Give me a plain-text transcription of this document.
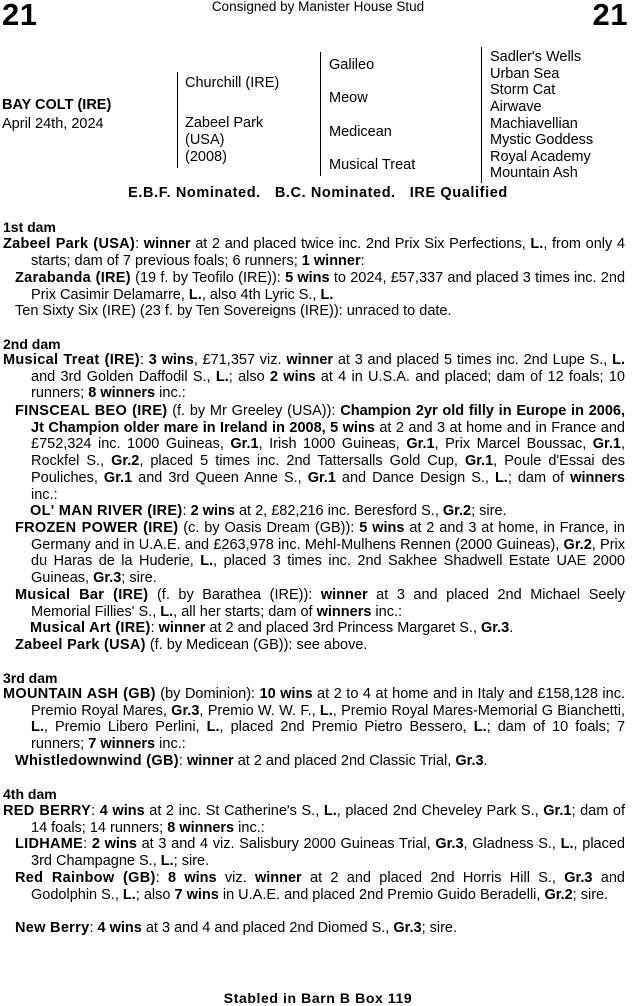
21	Consigned by Manister House Stud	21
BAY COLT (IRE)
April 24th, 2024
Churchill (IRE)
Zabeel Park
(USA)
(2008)
Galileo
Meow
Medicean
Musical Treat
Sadler's Wells
Urban Sea
Storm Cat
Airwave
Machiavellian
Mystic Goddess
Royal Academy
Mountain Ash
E.B.F. Nominated. B.C. Nominated. IRE Qualified
1st dam
Zabeel Park (USA): winner at 2 and placed twice inc. 2nd Prix Six Perfections, L., from only 4 starts; dam of 7 previous foals; 6 runners; 1 winner:
Zarabanda (IRE) (19 f. by Teofilo (IRE)): 5 wins to 2024, £57,337 and placed 3 times inc. 2nd Prix Casimir Delamarre, L., also 4th Lyric S., L.
Ten Sixty Six (IRE) (23 f. by Ten Sovereigns (IRE)): unraced to date.
2nd dam
Musical Treat (IRE): 3 wins, £71,357 viz. winner at 3 and placed 5 times inc. 2nd Lupe S., L. and 3rd Golden Daffodil S., L.; also 2 wins at 4 in U.S.A. and placed; dam of 12 foals; 10 runners; 8 winners inc.:
FINSCEAL BEO (IRE) (f. by Mr Greeley (USA)): Champion 2yr old filly in Europe in 2006, Jt Champion older mare in Ireland in 2008, 5 wins at 2 and 3 at home and in France and £752,324 inc. 1000 Guineas, Gr.1, Irish 1000 Guineas, Gr.1, Prix Marcel Boussac, Gr.1, Rockfel S., Gr.2, placed 5 times inc. 2nd Tattersalls Gold Cup, Gr.1, Poule d'Essai des Pouliches, Gr.1 and 3rd Queen Anne S., Gr.1 and Dance Design S., L.; dam of winners inc.:
OL' MAN RIVER (IRE): 2 wins at 2, £82,216 inc. Beresford S., Gr.2; sire.
FROZEN POWER (IRE) (c. by Oasis Dream (GB)): 5 wins at 2 and 3 at home, in France, in Germany and in U.A.E. and £263,978 inc. Mehl-Mulhens Rennen (2000 Guineas), Gr.2, Prix du Haras de la Huderie, L., placed 3 times inc. 2nd Sakhee Shadwell Estate UAE 2000 Guineas, Gr.3; sire.
Musical Bar (IRE) (f. by Barathea (IRE)): winner at 3 and placed 2nd Michael Seely Memorial Fillies' S., L., all her starts; dam of winners inc.:
Musical Art (IRE): winner at 2 and placed 3rd Princess Margaret S., Gr.3.
Zabeel Park (USA) (f. by Medicean (GB)): see above.
3rd dam
MOUNTAIN ASH (GB) (by Dominion): 10 wins at 2 to 4 at home and in Italy and £158,128 inc. Premio Royal Mares, Gr.3, Premio W. W. F., L., Premio Royal Mares-Memorial G Bianchetti, L., Premio Libero Perlini, L., placed 2nd Premio Pietro Bessero, L.; dam of 10 foals; 7 runners; 7 winners inc.:
Whistledownwind (GB): winner at 2 and placed 2nd Classic Trial, Gr.3.
4th dam
RED BERRY: 4 wins at 2 inc. St Catherine's S., L., placed 2nd Cheveley Park S., Gr.1; dam of 14 foals; 14 runners; 8 winners inc.:
LIDHAME: 2 wins at 3 and 4 viz. Salisbury 2000 Guineas Trial, Gr.3, Gladness S., L., placed 3rd Champagne S., L.; sire.
Red Rainbow (GB): 8 wins viz. winner at 2 and placed 2nd Horris Hill S., Gr.3 and Godolphin S., L.; also 7 wins in U.A.E. and placed 2nd Premio Guido Beradelli, Gr.2; sire.
New Berry: 4 wins at 3 and 4 and placed 2nd Diomed S., Gr.3; sire.
Stabled in Barn B Box 119
